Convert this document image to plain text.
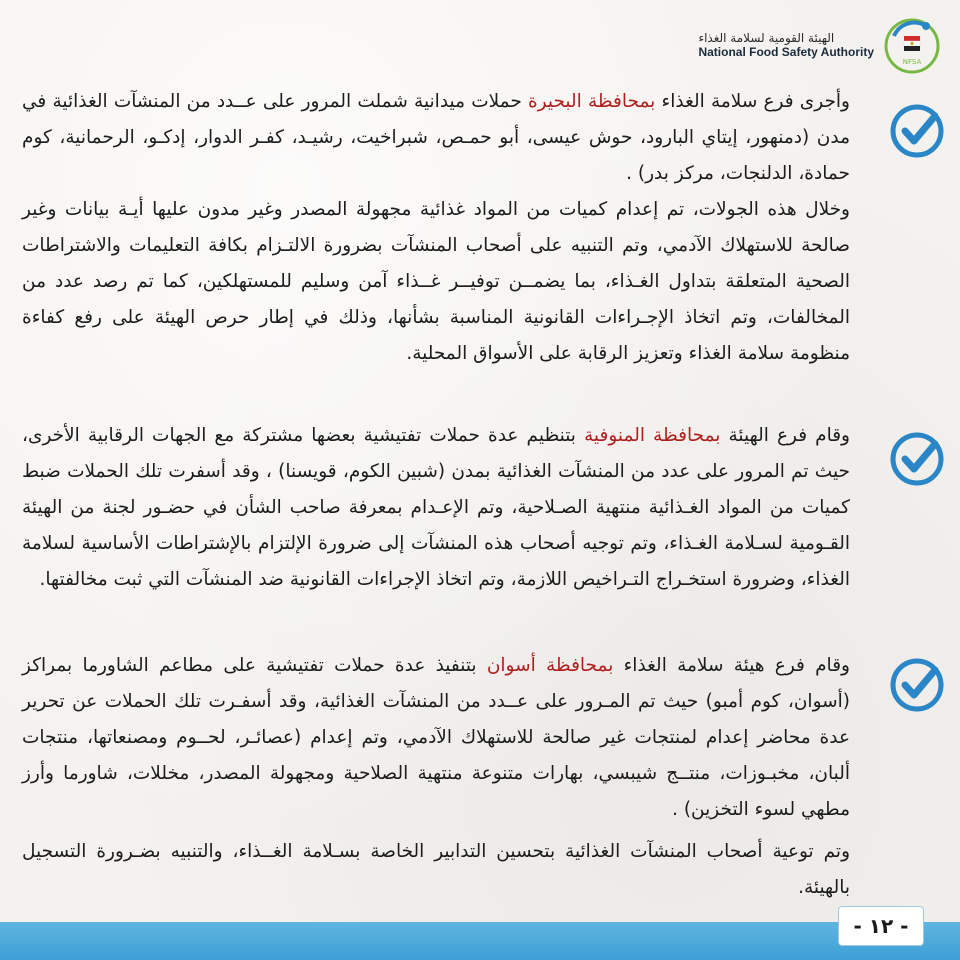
الهيئة القومية لسلامة الغذاء
National Food Safety Authority
NFSA
وأجرى فرع سلامة الغذاء بمحافظة البحيرة حملات ميدانية شملت المرور على عــدد من المنشآت الغذائية في مدن (دمنهور، إيتاي البارود، حوش عيسى، أبو حمـص، شبراخيت، رشيـد، كفـر الدوار، إدكـو، الرحمانية، كوم حمادة، الدلنجات، مركز بدر) .
وخلال هذه الجولات، تم إعدام كميات من المواد غذائية مجهولة المصدر وغير مدون عليها أيـة بيانات وغير صالحة للاستهلاك الآدمي، وتم التنبيه على أصحاب المنشآت بضرورة الالتـزام بكافة التعليمات والاشتراطات الصحية المتعلقة بتداول الغـذاء، بما يضمــن توفيــر غــذاء آمن وسليم للمستهلكين، كما تم رصد عدد من المخالفات، وتم اتخاذ الإجـراءات القانونية المناسبة بشأنها، وذلك في إطار حرص الهيئة على رفع كفاءة منظومة سلامة الغذاء وتعزيز الرقابة على الأسواق المحلية.
وقام فرع الهيئة بمحافظة المنوفية بتنظيم عدة حملات تفتيشية بعضها مشتركة مع الجهات الرقابية الأخرى، حيث تم المرور على عدد من المنشآت الغذائية بمدن (شبين الكوم، قويسنا) ، وقد أسفرت تلك الحملات ضبط كميات من المواد الغـذائية منتهية الصـلاحية، وتم الإعـدام بمعرفة صاحب الشأن في حضـور لجنة من الهيئة القـومية لسـلامة الغـذاء، وتم توجيه أصحاب هذه المنشآت إلى ضرورة الإلتزام بالإشتراطات الأساسية لسلامة الغذاء، وضرورة استخـراج التـراخيص اللازمة، وتم اتخاذ الإجراءات القانونية ضد المنشآت التي ثبت مخالفتها.
وقام فرع هيئة سلامة الغذاء بمحافظة أسوان بتنفيذ عدة حملات تفتيشية على مطاعم الشاورما بمراكز (أسوان، كوم أمبو) حيث تم المـرور على عــدد من المنشآت الغذائية، وقد أسفـرت تلك الحملات عن تحرير عدة محاضر إعدام لمنتجات غير صالحة للاستهلاك الآدمي، وتم إعدام (عصائـر، لحــوم ومصنعاتها، منتجات ألبان، مخبـوزات، منتــج شيبسي، بهارات متنوعة منتهية الصلاحية ومجهولة المصدر، مخللات، شاورما وأرز مطهي لسوء التخزين) .
وتم توعية أصحاب المنشآت الغذائية بتحسين التدابير الخاصة بسـلامة الغــذاء، والتنبيه بضـرورة التسجيل بالهيئة.
- ١٢ -
